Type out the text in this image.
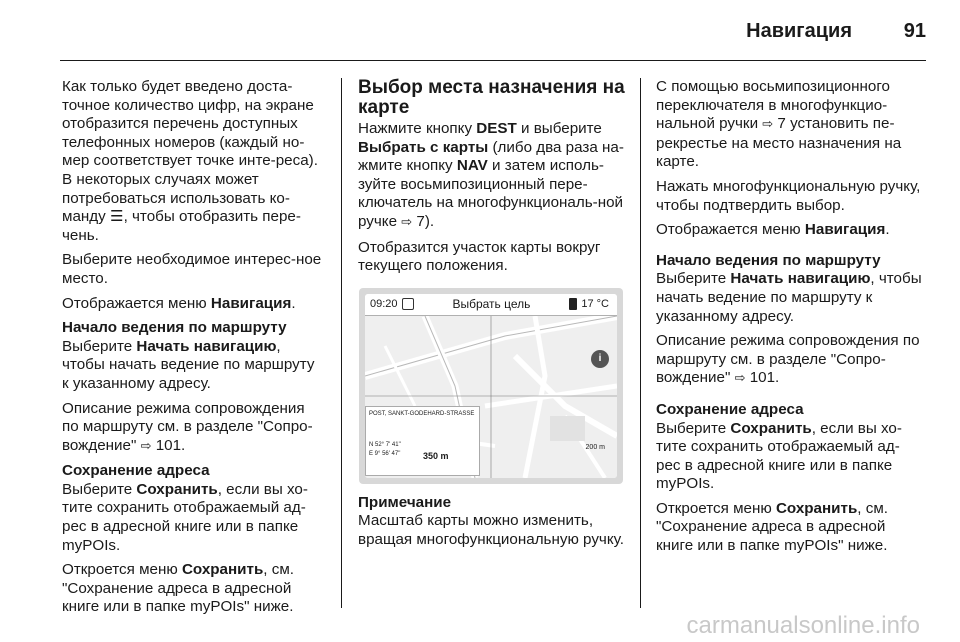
Навигация	91

Как только будет введено доста-точное количество цифр, на экране отобразится перечень доступных телефонных номеров (каждый но-мер соответствует точке инте-реса). В некоторых случаях может потребоваться использовать ко-манду ☰, чтобы отобразить пере-чень.

Выберите необходимое интерес-ное место.

Отображается меню Навигация.

Начало ведения по маршруту

Выберите Начать навигацию, чтобы начать ведение по маршруту к указанному адресу.

Описание режима сопровождения по маршруту см. в разделе "Сопро-вождение" ⇨ 101.

Сохранение адреса

Выберите Сохранить, если вы хо-тите сохранить отображаемый ад-рес в адресной книге или в папке myPOIs.

Откроется меню Сохранить, см. "Сохранение адреса в адресной книге или в папке myPOIs" ниже.

Выбор места назначения на карте

Нажмите кнопку DEST и выберите Выбрать с карты (либо два раза на-жмите кнопку NAV и затем исполь-зуйте восьмипозиционный пере-ключатель на многофункциональ-ной ручке ⇨ 7).

Отобразится участок карты вокруг текущего положения.

09:20	Выбрать цель	17 °C
i
POST, SANKT-GODEHARD-STRASSE
N 52° 7' 41"
E 9° 56' 47"	350 m
200 m
Примечание

Масштаб карты можно изменить, вращая многофункциональную ручку.

С помощью восьмипозиционного переключателя в многофункцио-нальной ручки ⇨ 7 установить пе-рекрестье на место назначения на карте.

Нажать многофункциональную ручку, чтобы подтвердить выбор.

Отображается меню Навигация.

Начало ведения по маршруту

Выберите Начать навигацию, чтобы начать ведение по маршруту к указанному адресу.

Описание режима сопровождения по маршруту см. в разделе "Сопро-вождение" ⇨ 101.

Сохранение адреса

Выберите Сохранить, если вы хо-тите сохранить отображаемый ад-рес в адресной книге или в папке myPOIs.

Откроется меню Сохранить, см. "Сохранение адреса в адресной книге или в папке myPOIs" ниже.

carmanualsonline.info
